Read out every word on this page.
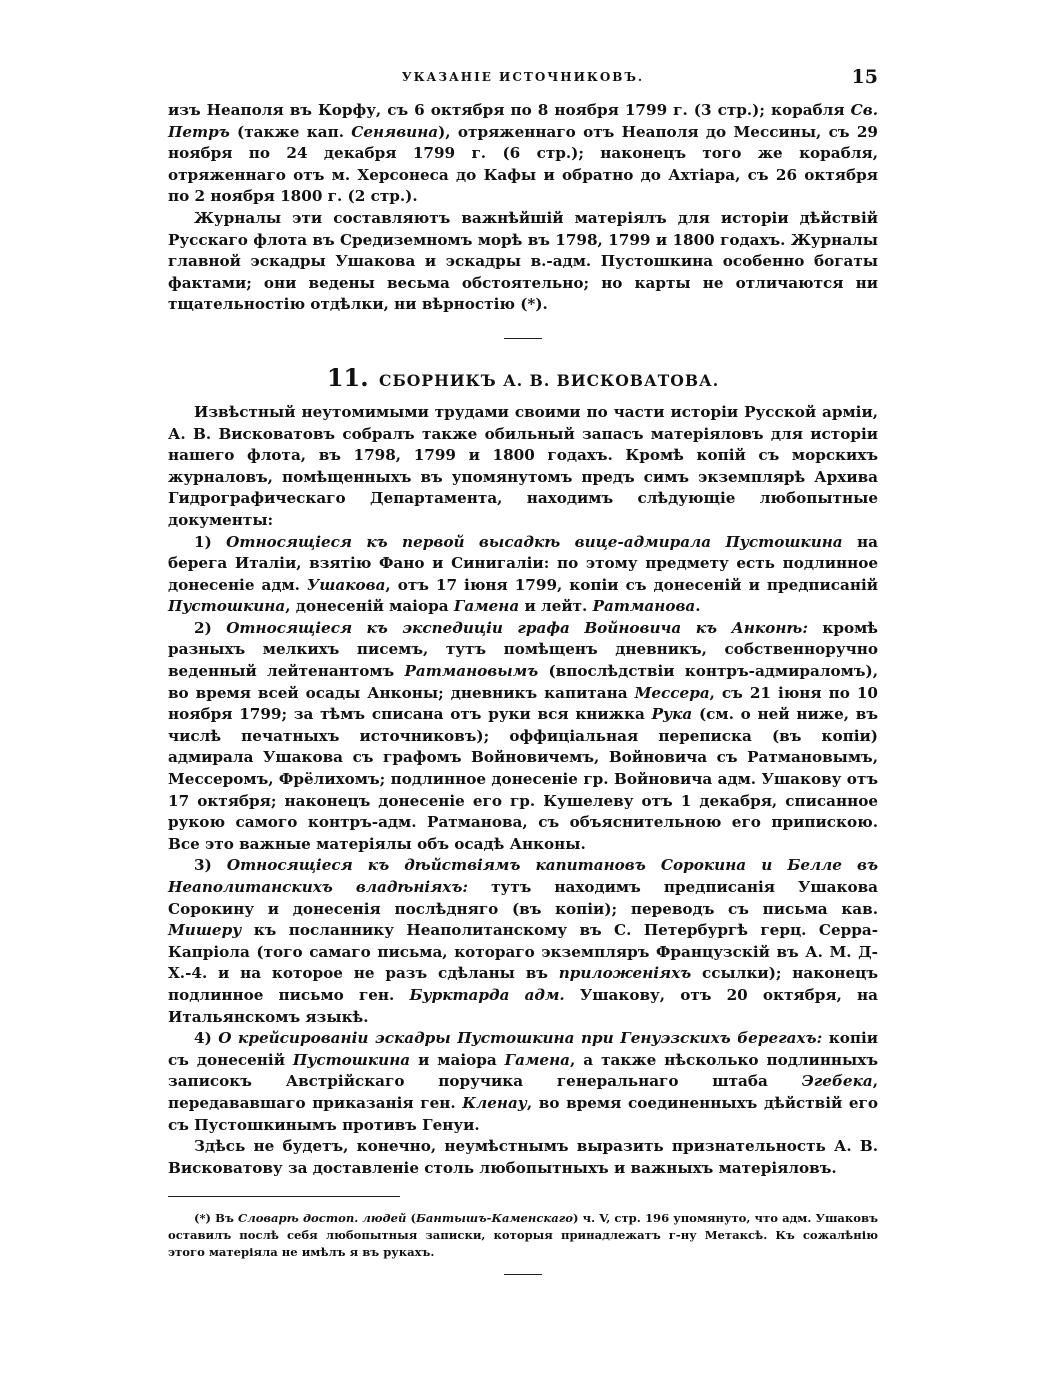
УКАЗАНІЕ ИСТОЧНИКОВЪ.	15

изъ Неаполя въ Корфу, съ 6 октября по 8 ноября 1799 г. (3 стр.); корабля Св. Петръ (также кап. Сенявина), отряженнаго отъ Неаполя до Мессины, съ 29 ноября по 24 декабря 1799 г. (6 стр.); наконецъ того же корабля, отряженнаго отъ м. Херсонеса до Кафы и обратно до Ахтіара, съ 26 октября по 2 ноября 1800 г. (2 стр.).

Журналы эти составляютъ важнѣйшій матеріялъ для исторіи дѣйствій Русскаго флота въ Средиземномъ морѣ въ 1798, 1799 и 1800 годахъ. Журналы главной эскадры Ушакова и эскадры в.-адм. Пустошкина особенно богаты фактами; они ведены весьма обстоятельно; но карты не отличаются ни тщательностію отдѣлки, ни вѣрностію (*).

11. СБОРНИКЪ А. В. ВИСКОВАТОВА.

Извѣстный неутомимыми трудами своими по части исторіи Русской арміи, А. В. Висковатовъ собралъ также обильный запасъ матеріяловъ для исторіи нашего флота, въ 1798, 1799 и 1800 годахъ. Кромѣ копій съ морскихъ журналовъ, помѣщенныхъ въ упомянутомъ предъ симъ экземплярѣ Архива Гидрографическаго Департамента, находимъ слѣдующіе любопытные документы:

1) Относящіеся къ первой высадкѣ вице-адмирала Пустошкина на берега Италіи, взятію Фано и Синигаліи: по этому предмету есть подлинное донесеніе адм. Ушакова, отъ 17 іюня 1799, копіи съ донесеній и предписаній Пустошкина, донесеній маіора Гамена и лейт. Ратманова.

2) Относящіеся къ экспедиціи графа Войновича къ Анконѣ: кромѣ разныхъ мелкихъ писемъ, тутъ помѣщенъ дневникъ, собственноручно веденный лейтенантомъ Ратмановымъ (впослѣдствіи контръ-адмираломъ), во время всей осады Анконы; дневникъ капитана Мессера, съ 21 іюня по 10 ноября 1799; за тѣмъ списана отъ руки вся книжка Рука (см. о ней ниже, въ числѣ печатныхъ источниковъ); оффиціальная переписка (въ копіи) адмирала Ушакова съ графомъ Войновичемъ, Войновича съ Ратмановымъ, Мессеромъ, Фрёлихомъ; подлинное донесеніе гр. Войновича адм. Ушакову отъ 17 октября; наконецъ донесеніе его гр. Кушелеву отъ 1 декабря, списанное рукою самого контръ-адм. Ратманова, съ объяснительною его припискою. Все это важные матеріялы объ осадѣ Анконы.

3) Относящіеся къ дѣйствіямъ капитановъ Сорокина и Белле въ Неаполитанскихъ владѣніяхъ: тутъ находимъ предписанія Ушакова Сорокину и донесенія послѣдняго (въ копіи); переводъ съ письма кав. Мишеру къ посланнику Неаполитанскому въ С. Петербургѣ герц. Серра-Капріола (того самаго письма, котораго экземпляръ Французскій въ А. М. Д-Х.-4. и на которое не разъ сдѣланы въ приложеніяхъ ссылки); наконецъ подлинное письмо ген. Бурктарда адм. Ушакову, отъ 20 октября, на Итальянскомъ языкѣ.

4) О крейсированіи эскадры Пустошкина при Генуэзскихъ берегахъ: копіи съ донесеній Пустошкина и маіора Гамена, а также нѣсколько подлинныхъ записокъ Австрійскаго поручика генеральнаго штаба Эгебека, передававшаго приказанія ген. Кленау, во время соединенныхъ дѣйствій его съ Пустошкинымъ противъ Генуи.

Здѣсь не будетъ, конечно, неумѣстнымъ выразить признательность А. В. Висковатову за доставленіе столь любопытныхъ и важныхъ матеріяловъ.

(*) Въ Словарѣ достоп. людей (Бантышъ-Каменскаго) ч. V, стр. 196 упомянуто, что адм. Ушаковъ оставилъ послѣ себя любопытныя записки, которыя принадлежатъ г-ну Метаксѣ. Къ сожалѣнію этого матеріяла не имѣлъ я въ рукахъ.
